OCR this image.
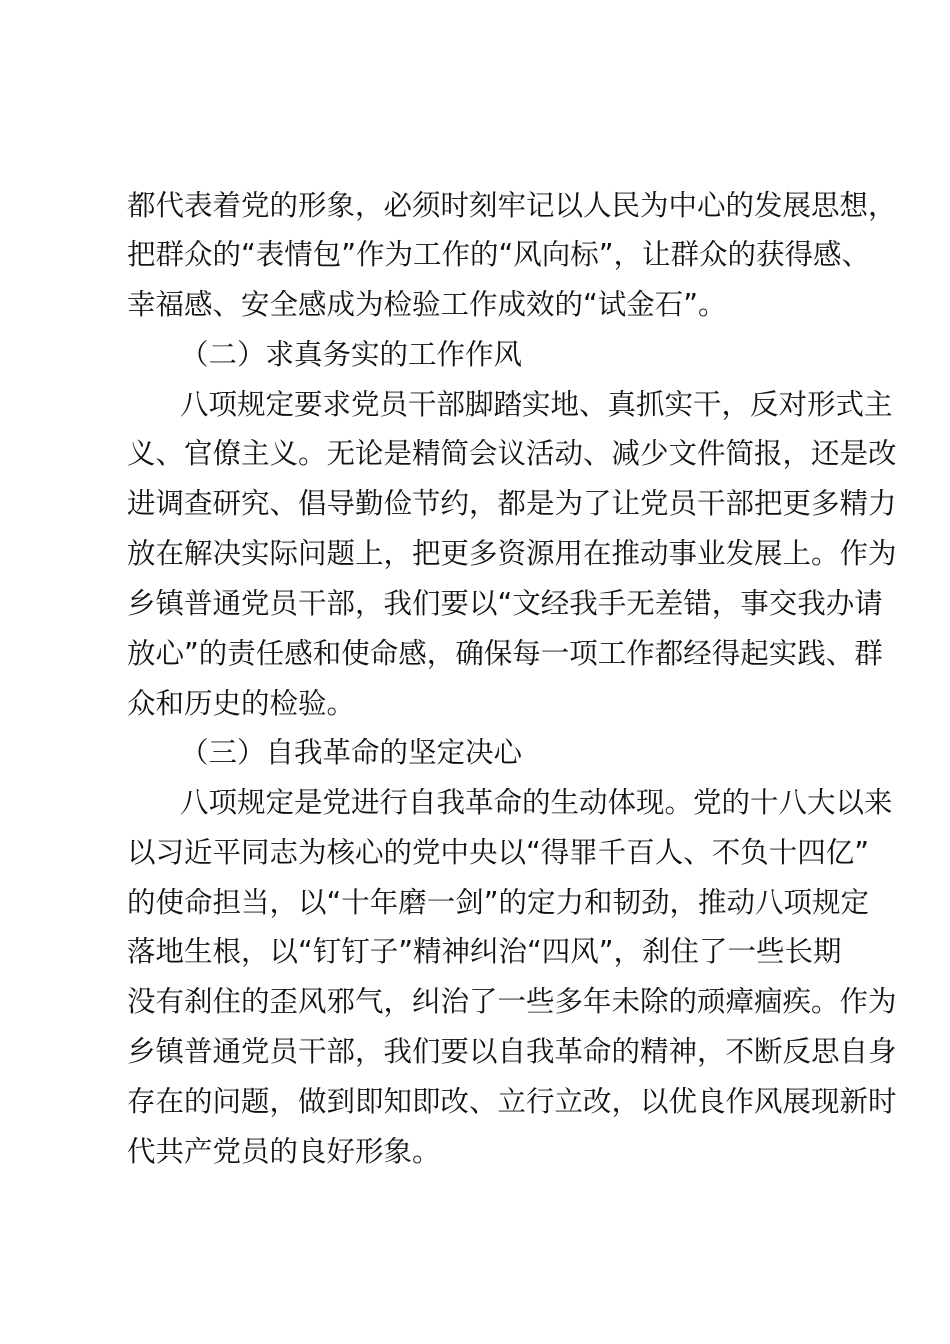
都代表着党的形象，必须时刻牢记以人民为中心的发展思想，
把群众的“表情包”作为工作的“风向标”，让群众的获得感、
幸福感、安全感成为检验工作成效的“试金石”。
（二）求真务实的工作作风
八项规定要求党员干部脚踏实地、真抓实干，反对形式主
义、官僚主义。无论是精简会议活动、减少文件简报，还是改
进调查研究、倡导勤俭节约，都是为了让党员干部把更多精力
放在解决实际问题上，把更多资源用在推动事业发展上。作为
乡镇普通党员干部，我们要以“文经我手无差错，事交我办请
放心”的责任感和使命感，确保每一项工作都经得起实践、群
众和历史的检验。
（三）自我革命的坚定决心
八项规定是党进行自我革命的生动体现。党的十八大以来
以习近平同志为核心的党中央以“得罪千百人、不负十四亿”
的使命担当，以“十年磨一剑”的定力和韧劲，推动八项规定
落地生根，以“钉钉子”精神纠治“四风”，刹住了一些长期
没有刹住的歪风邪气，纠治了一些多年未除的顽瘴痼疾。作为
乡镇普通党员干部，我们要以自我革命的精神，不断反思自身
存在的问题，做到即知即改、立行立改，以优良作风展现新时
代共产党员的良好形象。
